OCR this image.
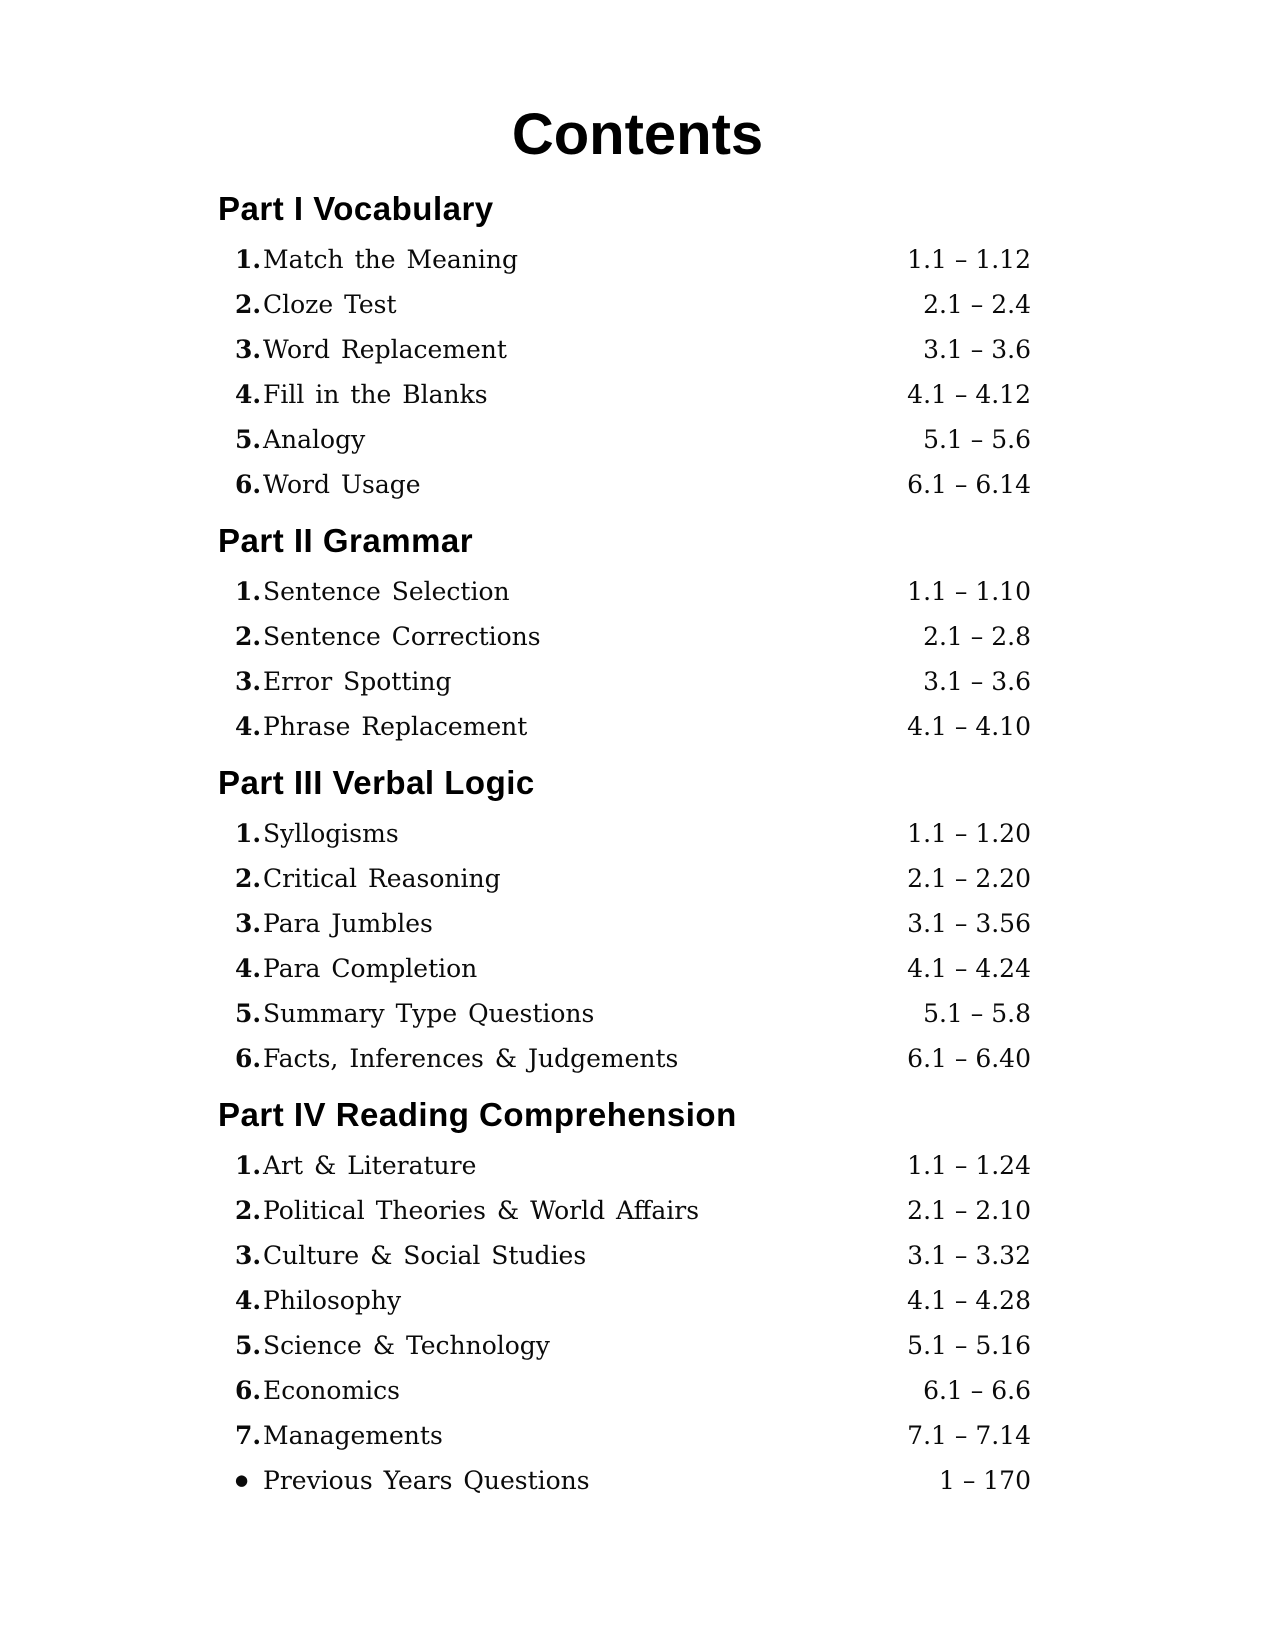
Contents
Part I Vocabulary
1. Match the Meaning	1.1 – 1.12
2. Cloze Test	2.1 – 2.4
3. Word Replacement	3.1 – 3.6
4. Fill in the Blanks	4.1 – 4.12
5. Analogy	5.1 – 5.6
6. Word Usage	6.1 – 6.14
Part II Grammar
1. Sentence Selection	1.1 – 1.10
2. Sentence Corrections	2.1 – 2.8
3. Error Spotting	3.1 – 3.6
4. Phrase Replacement	4.1 – 4.10
Part III Verbal Logic
1. Syllogisms	1.1 – 1.20
2. Critical Reasoning	2.1 – 2.20
3. Para Jumbles	3.1 – 3.56
4. Para Completion	4.1 – 4.24
5. Summary Type Questions	5.1 – 5.8
6. Facts, Inferences & Judgements	6.1 – 6.40
Part IV Reading Comprehension
1. Art & Literature	1.1 – 1.24
2. Political Theories & World Affairs	2.1 – 2.10
3. Culture & Social Studies	3.1 – 3.32
4. Philosophy	4.1 – 4.28
5. Science & Technology	5.1 – 5.16
6. Economics	6.1 – 6.6
7. Managements	7.1 – 7.14
● Previous Years Questions	1 – 170
